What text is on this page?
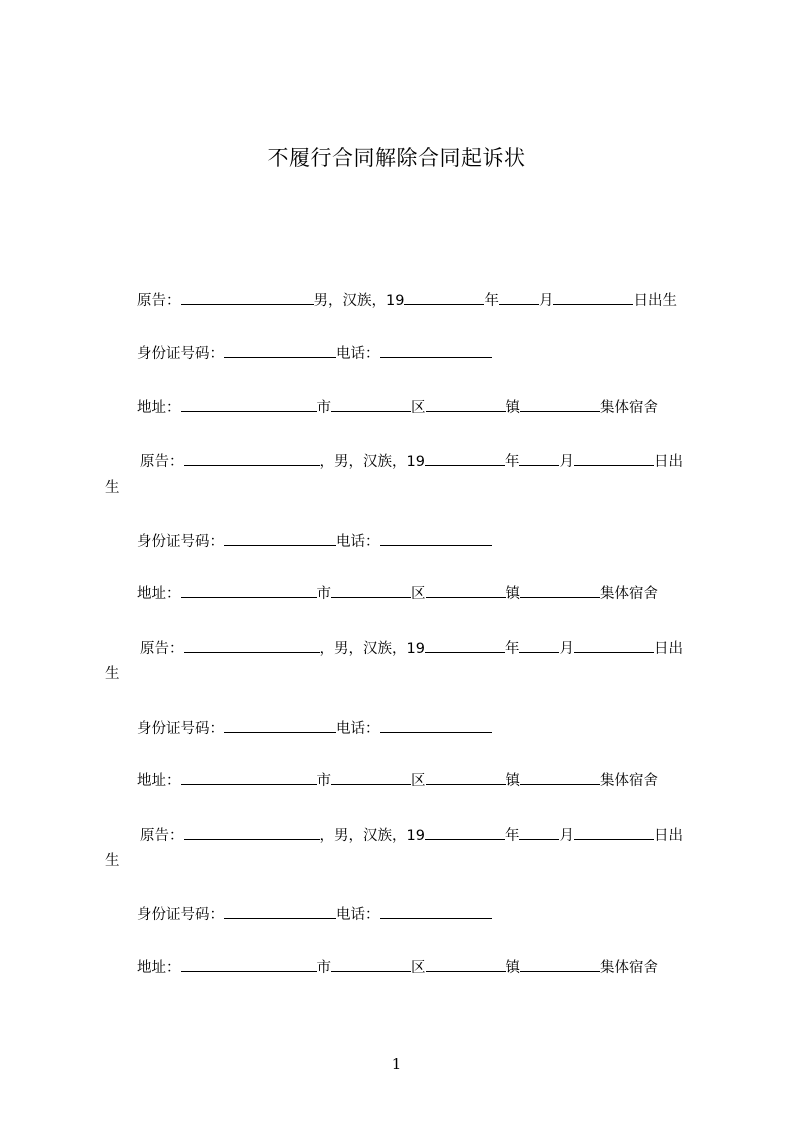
不履行合同解除合同起诉状
原告：	男，汉族，19	年	月	日出生
身份证号码：	电话：
地址：	市	区	镇	集体宿舍
原告：	，男，汉族，19	年	月	日出
生
身份证号码：	电话：
地址：	市	区	镇	集体宿舍
原告：	，男，汉族，19	年	月	日出
生
身份证号码：	电话：
地址：	市	区	镇	集体宿舍
原告：	，男，汉族，19	年	月	日出
生
身份证号码：	电话：
地址：	市	区	镇	集体宿舍
1
